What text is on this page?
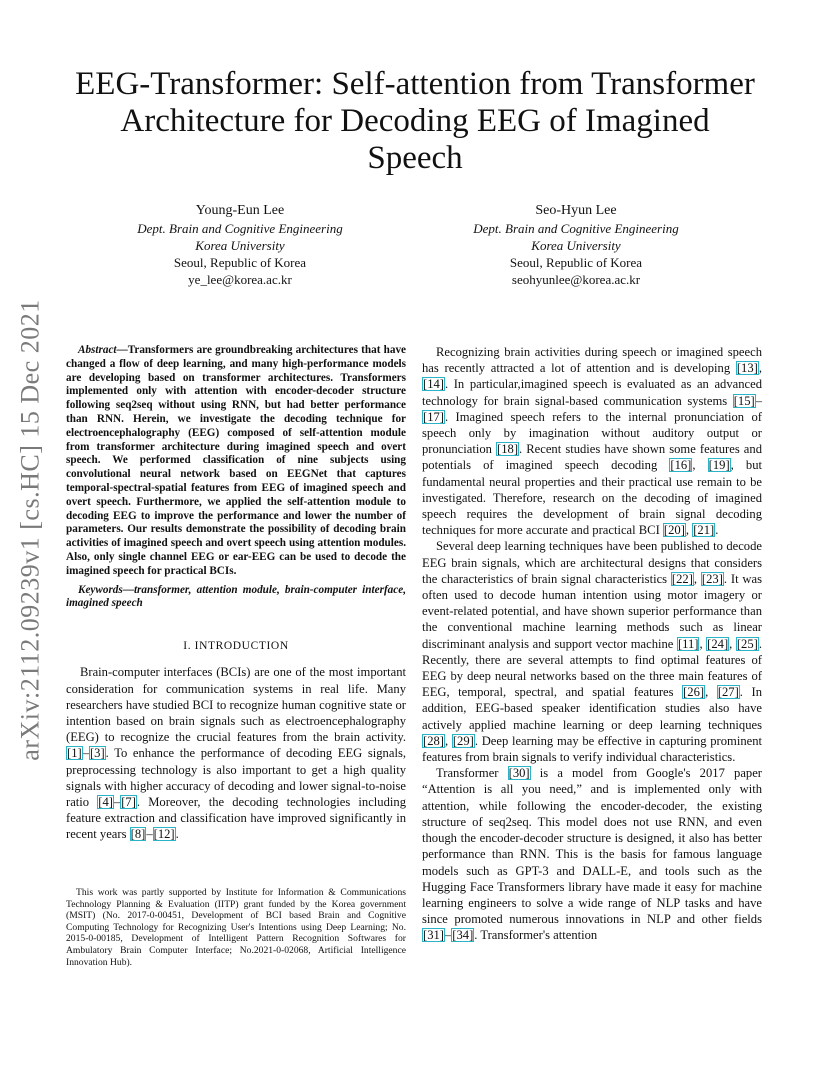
arXiv:2112.09239v1 [cs.HC] 15 Dec 2021
EEG-Transformer: Self-attention from Transformer Architecture for Decoding EEG of Imagined Speech
Young-Eun Lee
Dept. Brain and Cognitive Engineering
Korea University
Seoul, Republic of Korea
ye_lee@korea.ac.kr
Seo-Hyun Lee
Dept. Brain and Cognitive Engineering
Korea University
Seoul, Republic of Korea
seohyunlee@korea.ac.kr

Abstract—Transformers are groundbreaking architectures that have changed a flow of deep learning, and many high-performance models are developing based on transformer architectures. Transformers implemented only with attention with encoder-decoder structure following seq2seq without using RNN, but had better performance than RNN. Herein, we investigate the decoding technique for electroencephalography (EEG) composed of self-attention module from transformer architecture during imagined speech and overt speech. We performed classification of nine subjects using convolutional neural network based on EEGNet that captures temporal-spectral-spatial features from EEG of imagined speech and overt speech. Furthermore, we applied the self-attention module to decoding EEG to improve the performance and lower the number of parameters. Our results demonstrate the possibility of decoding brain activities of imagined speech and overt speech using attention modules. Also, only single channel EEG or ear-EEG can be used to decode the imagined speech for practical BCIs.

Keywords—transformer, attention module, brain-computer interface, imagined speech

I. INTRODUCTION

Brain-computer interfaces (BCIs) are one of the most important consideration for communication systems in real life. Many researchers have studied BCI to recognize human cognitive state or intention based on brain signals such as electroencephalography (EEG) to recognize the crucial features from the brain activity. [1]–[3]. To enhance the performance of decoding EEG signals, preprocessing technology is also important to get a high quality signals with higher accuracy of decoding and lower signal-to-noise ratio [4]–[7]. Moreover, the decoding technologies including feature extraction and classification have improved significantly in recent years [8]–[12].

This work was partly supported by Institute for Information & Communications Technology Planning & Evaluation (IITP) grant funded by the Korea government (MSIT) (No. 2017-0-00451, Development of BCI based Brain and Cognitive Computing Technology for Recognizing User's Intentions using Deep Learning; No. 2015-0-00185, Development of Intelligent Pattern Recognition Softwares for Ambulatory Brain Computer Interface; No.2021-0-02068, Artificial Intelligence Innovation Hub).

Recognizing brain activities during speech or imagined speech has recently attracted a lot of attention and is developing [13], [14]. In particular,imagined speech is evaluated as an advanced technology for brain signal-based communication systems [15]–[17]. Imagined speech refers to the internal pronunciation of speech only by imagination without auditory output or pronunciation [18]. Recent studies have shown some features and potentials of imagined speech decoding [16], [19], but fundamental neural properties and their practical use remain to be investigated. Therefore, research on the decoding of imagined speech requires the development of brain signal decoding techniques for more accurate and practical BCI [20], [21].

Several deep learning techniques have been published to decode EEG brain signals, which are architectural designs that considers the characteristics of brain signal characteristics [22], [23]. It was often used to decode human intention using motor imagery or event-related potential, and have shown superior performance than the conventional machine learning methods such as linear discriminant analysis and support vector machine [11], [24], [25]. Recently, there are several attempts to find optimal features of EEG by deep neural networks based on the three main features of EEG, temporal, spectral, and spatial features [26], [27]. In addition, EEG-based speaker identification studies also have actively applied machine learning or deep learning techniques [28], [29]. Deep learning may be effective in capturing prominent features from brain signals to verify individual characteristics.

Transformer [30] is a model from Google's 2017 paper “Attention is all you need,” and is implemented only with attention, while following the encoder-decoder, the existing structure of seq2seq. This model does not use RNN, and even though the encoder-decoder structure is designed, it also has better performance than RNN. This is the basis for famous language models such as GPT-3 and DALL-E, and tools such as the Hugging Face Transformers library have made it easy for machine learning engineers to solve a wide range of NLP tasks and have since promoted numerous innovations in NLP and other fields [31]–[34]. Transformer's attention
